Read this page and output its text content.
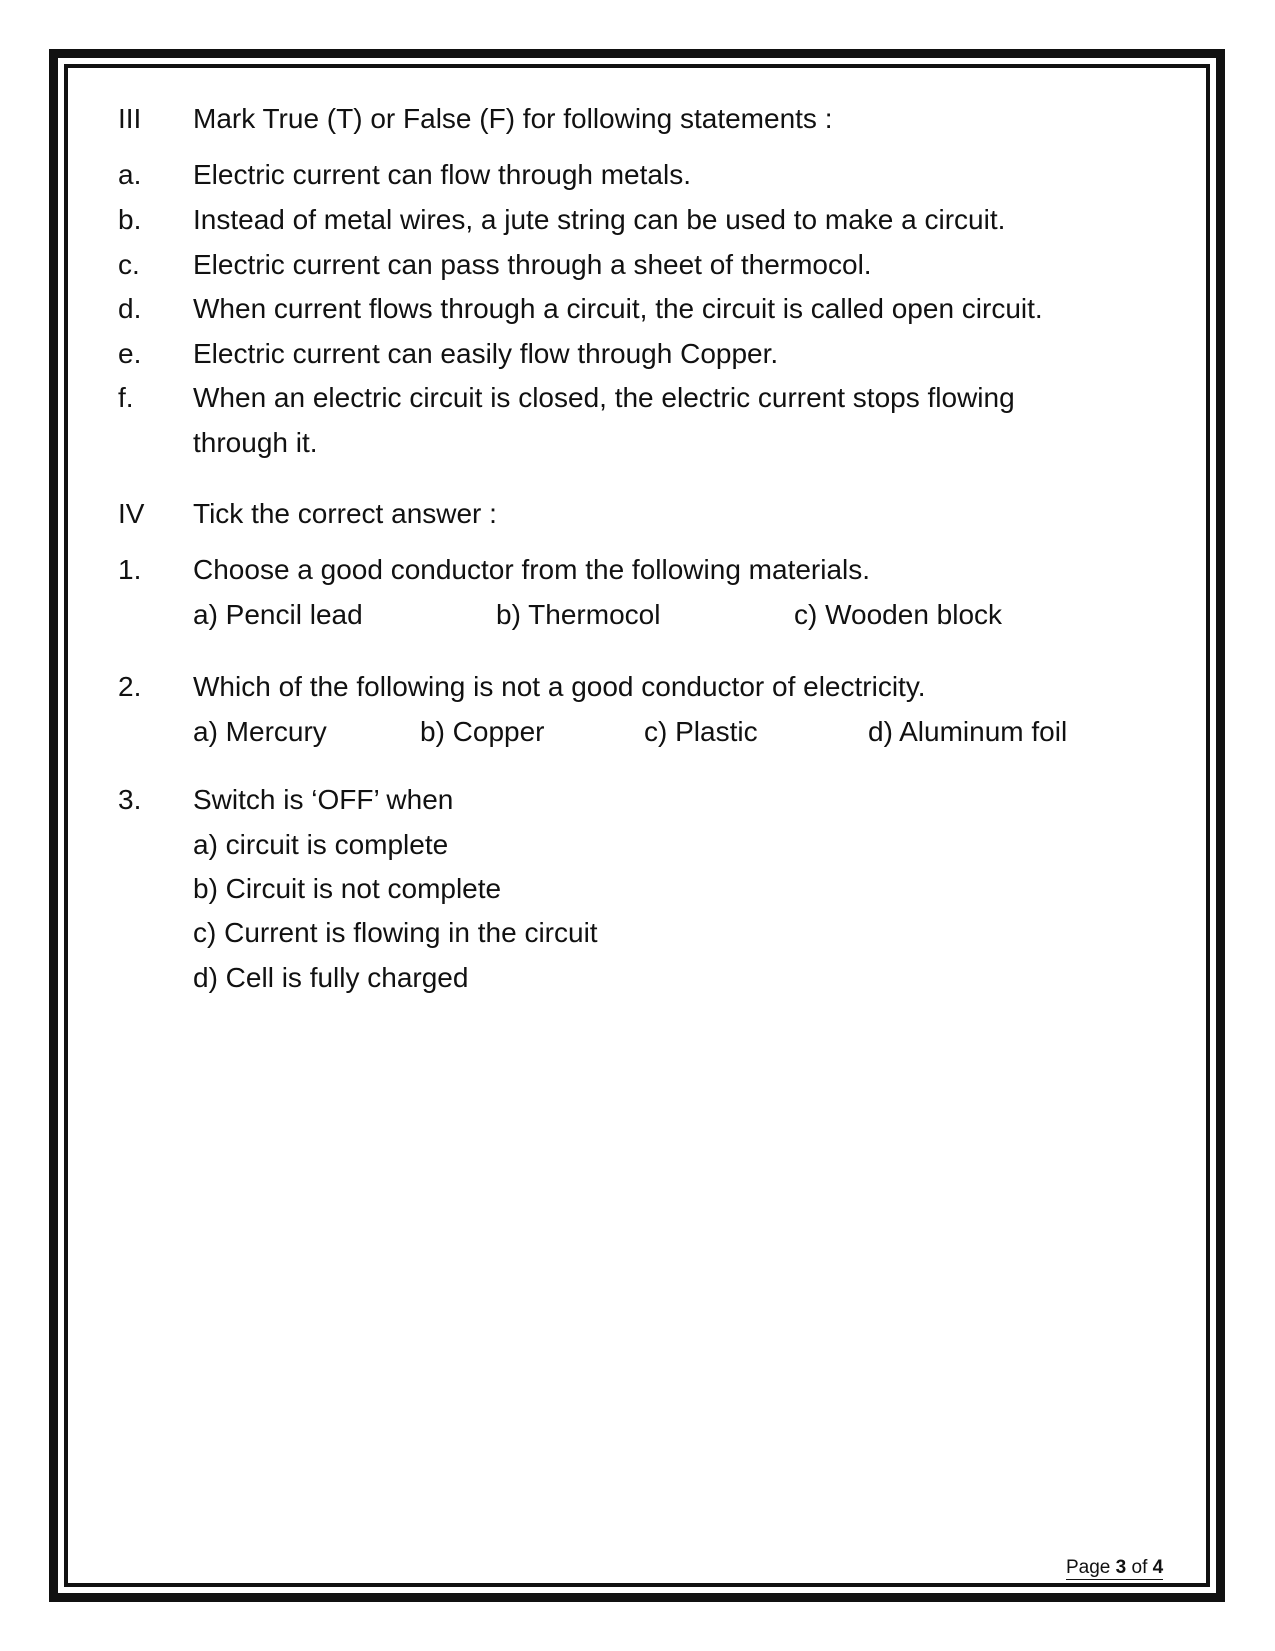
III Mark True (T) or False (F) for following statements :
a. Electric current can flow through metals.
b. Instead of metal wires, a jute string can be used to make a circuit.
c. Electric current can pass through a sheet of thermocol.
d. When current flows through a circuit, the circuit is called open circuit.
e. Electric current can easily flow through Copper.
f. When an electric circuit is closed, the electric current stops flowing
through it.
IV Tick the correct answer :
1. Choose a good conductor from the following materials.
a) Pencil lead	b) Thermocol	c) Wooden block
2. Which of the following is not a good conductor of electricity.
a) Mercury	b) Copper	c) Plastic	d) Aluminum foil
3. Switch is ‘OFF’ when
a) circuit is complete
b) Circuit is not complete
c) Current is flowing in the circuit
d) Cell is fully charged
Page 3 of 4
